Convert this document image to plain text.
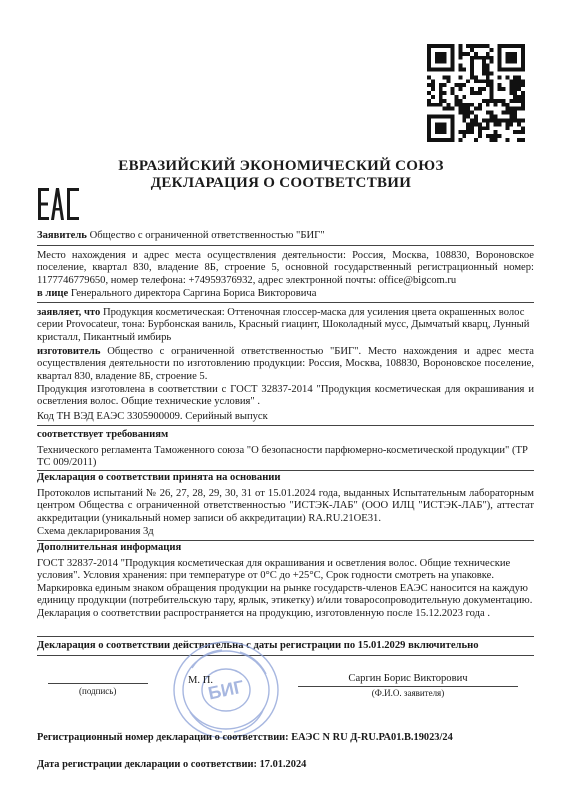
ЕВРАЗИЙСКИЙ ЭКОНОМИЧЕСКИЙ СОЮЗ
ДЕКЛАРАЦИЯ О СООТВЕТСТВИИ
Заявитель Общество с ограниченной ответственностью "БИГ"
Место нахождения и адрес места осуществления деятельности: Россия, Москва, 108830, Вороновское поселение, квартал 830, владение 8Б, строение 5, основной государственный регистрационный номер: 1177746779650, номер телефона: +74959376932, адрес электронной почты: office@bigcom.ru
в лице Генерального директора Саргина Бориса Викторовича
заявляет, что Продукция косметическая: Оттеночная глоссер-маска для усиления цвета окрашенных волос серии Provocateur, тона: Бурбонская ваниль, Красный гиацинт, Шоколадный мусс, Дымчатый кварц, Лунный кристалл, Пикантный имбирь
изготовитель Общество с ограниченной ответственностью "БИГ". Место нахождения и адрес места осуществления деятельности по изготовлению продукции: Россия, Москва, 108830, Вороновское поселение, квартал 830, владение 8Б, строение 5.
Продукция изготовлена в соответствии с ГОСТ 32837-2014 "Продукция косметическая для окрашивания и осветления волос. Общие технические условия" .
Код ТН ВЭД ЕАЭС 3305900009. Серийный выпуск
соответствует требованиям
Технического регламента Таможенного союза "О безопасности парфюмерно-косметической продукции" (ТР ТС 009/2011)
Декларация о соответствии принята на основании
Протоколов испытаний № 26, 27, 28, 29, 30, 31 от 15.01.2024 года, выданных Испытательным лабораторным центром Общества с ограниченной ответственностью "ИСТЭК-ЛАБ" (ООО ИЛЦ "ИСТЭК-ЛАБ"), аттестат аккредитации (уникальный номер записи об аккредитации) RA.RU.21ОЕ31.
Схема декларирования 3д
Дополнительная информация
ГОСТ 32837-2014 "Продукция косметическая для окрашивания и осветления волос. Общие технические условия". Условия хранения: при температуре от 0°С до +25°С, Срок годности смотреть на упаковке. Маркировка единым знаком обращения продукции на рынке государств-членов ЕАЭС наносится на каждую единицу продукции (потребительскую тару, ярлык, этикетку) и/или товаросопроводительную документацию. Декларация о соответствии распространяется на продукцию, изготовленную после 15.12.2023 года .
Декларация о соответствии действительна с даты регистрации по 15.01.2029 включительно
БИГ
(подпись)
М. П.	Саргин Борис Викторович
(Ф.И.О. заявителя)
Регистрационный номер декларации о соответствии: ЕАЭС N RU Д-RU.РА01.В.19023/24
Дата регистрации декларации о соответствии: 17.01.2024
